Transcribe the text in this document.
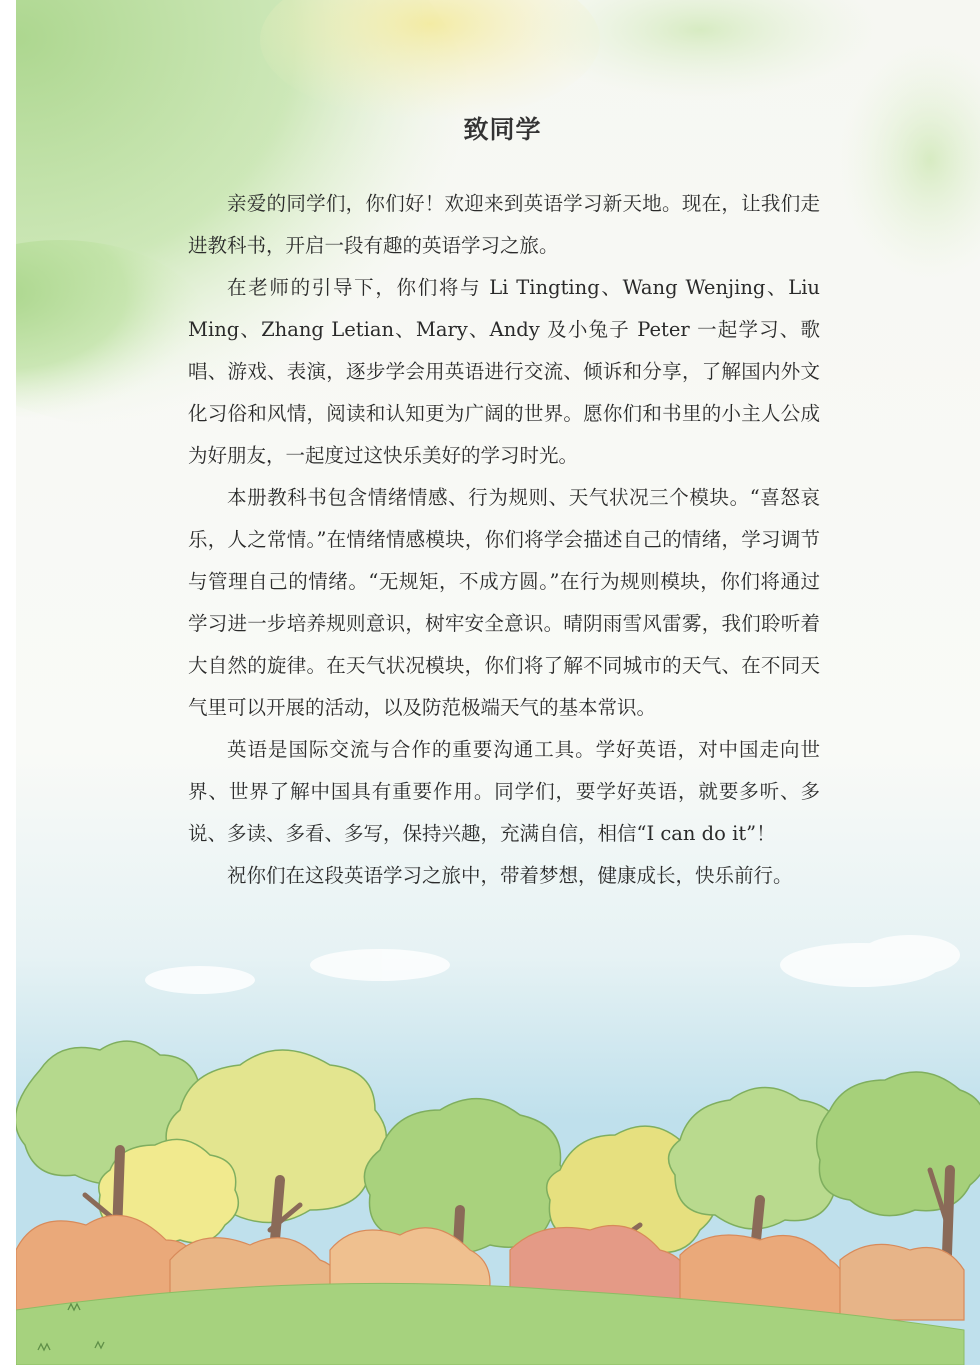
致同学

亲爱的同学们，你们好！欢迎来到英语学习新天地。现在，让我们走进教科书，开启一段有趣的英语学习之旅。

在老师的引导下，你们将与 Li Tingting、Wang Wenjing、Liu Ming、Zhang Letian、Mary、Andy 及小兔子 Peter 一起学习、歌唱、游戏、表演，逐步学会用英语进行交流、倾诉和分享，了解国内外文化习俗和风情，阅读和认知更为广阔的世界。愿你们和书里的小主人公成为好朋友，一起度过这快乐美好的学习时光。

本册教科书包含情绪情感、行为规则、天气状况三个模块。“喜怒哀乐，人之常情。”在情绪情感模块，你们将学会描述自己的情绪，学习调节与管理自己的情绪。“无规矩，不成方圆。”在行为规则模块，你们将通过学习进一步培养规则意识，树牢安全意识。晴阴雨雪风雷雾，我们聆听着大自然的旋律。在天气状况模块，你们将了解不同城市的天气、在不同天气里可以开展的活动，以及防范极端天气的基本常识。

英语是国际交流与合作的重要沟通工具。学好英语，对中国走向世界、世界了解中国具有重要作用。同学们，要学好英语，就要多听、多说、多读、多看、多写，保持兴趣，充满自信，相信“I can do it”！

祝你们在这段英语学习之旅中，带着梦想，健康成长，快乐前行。
